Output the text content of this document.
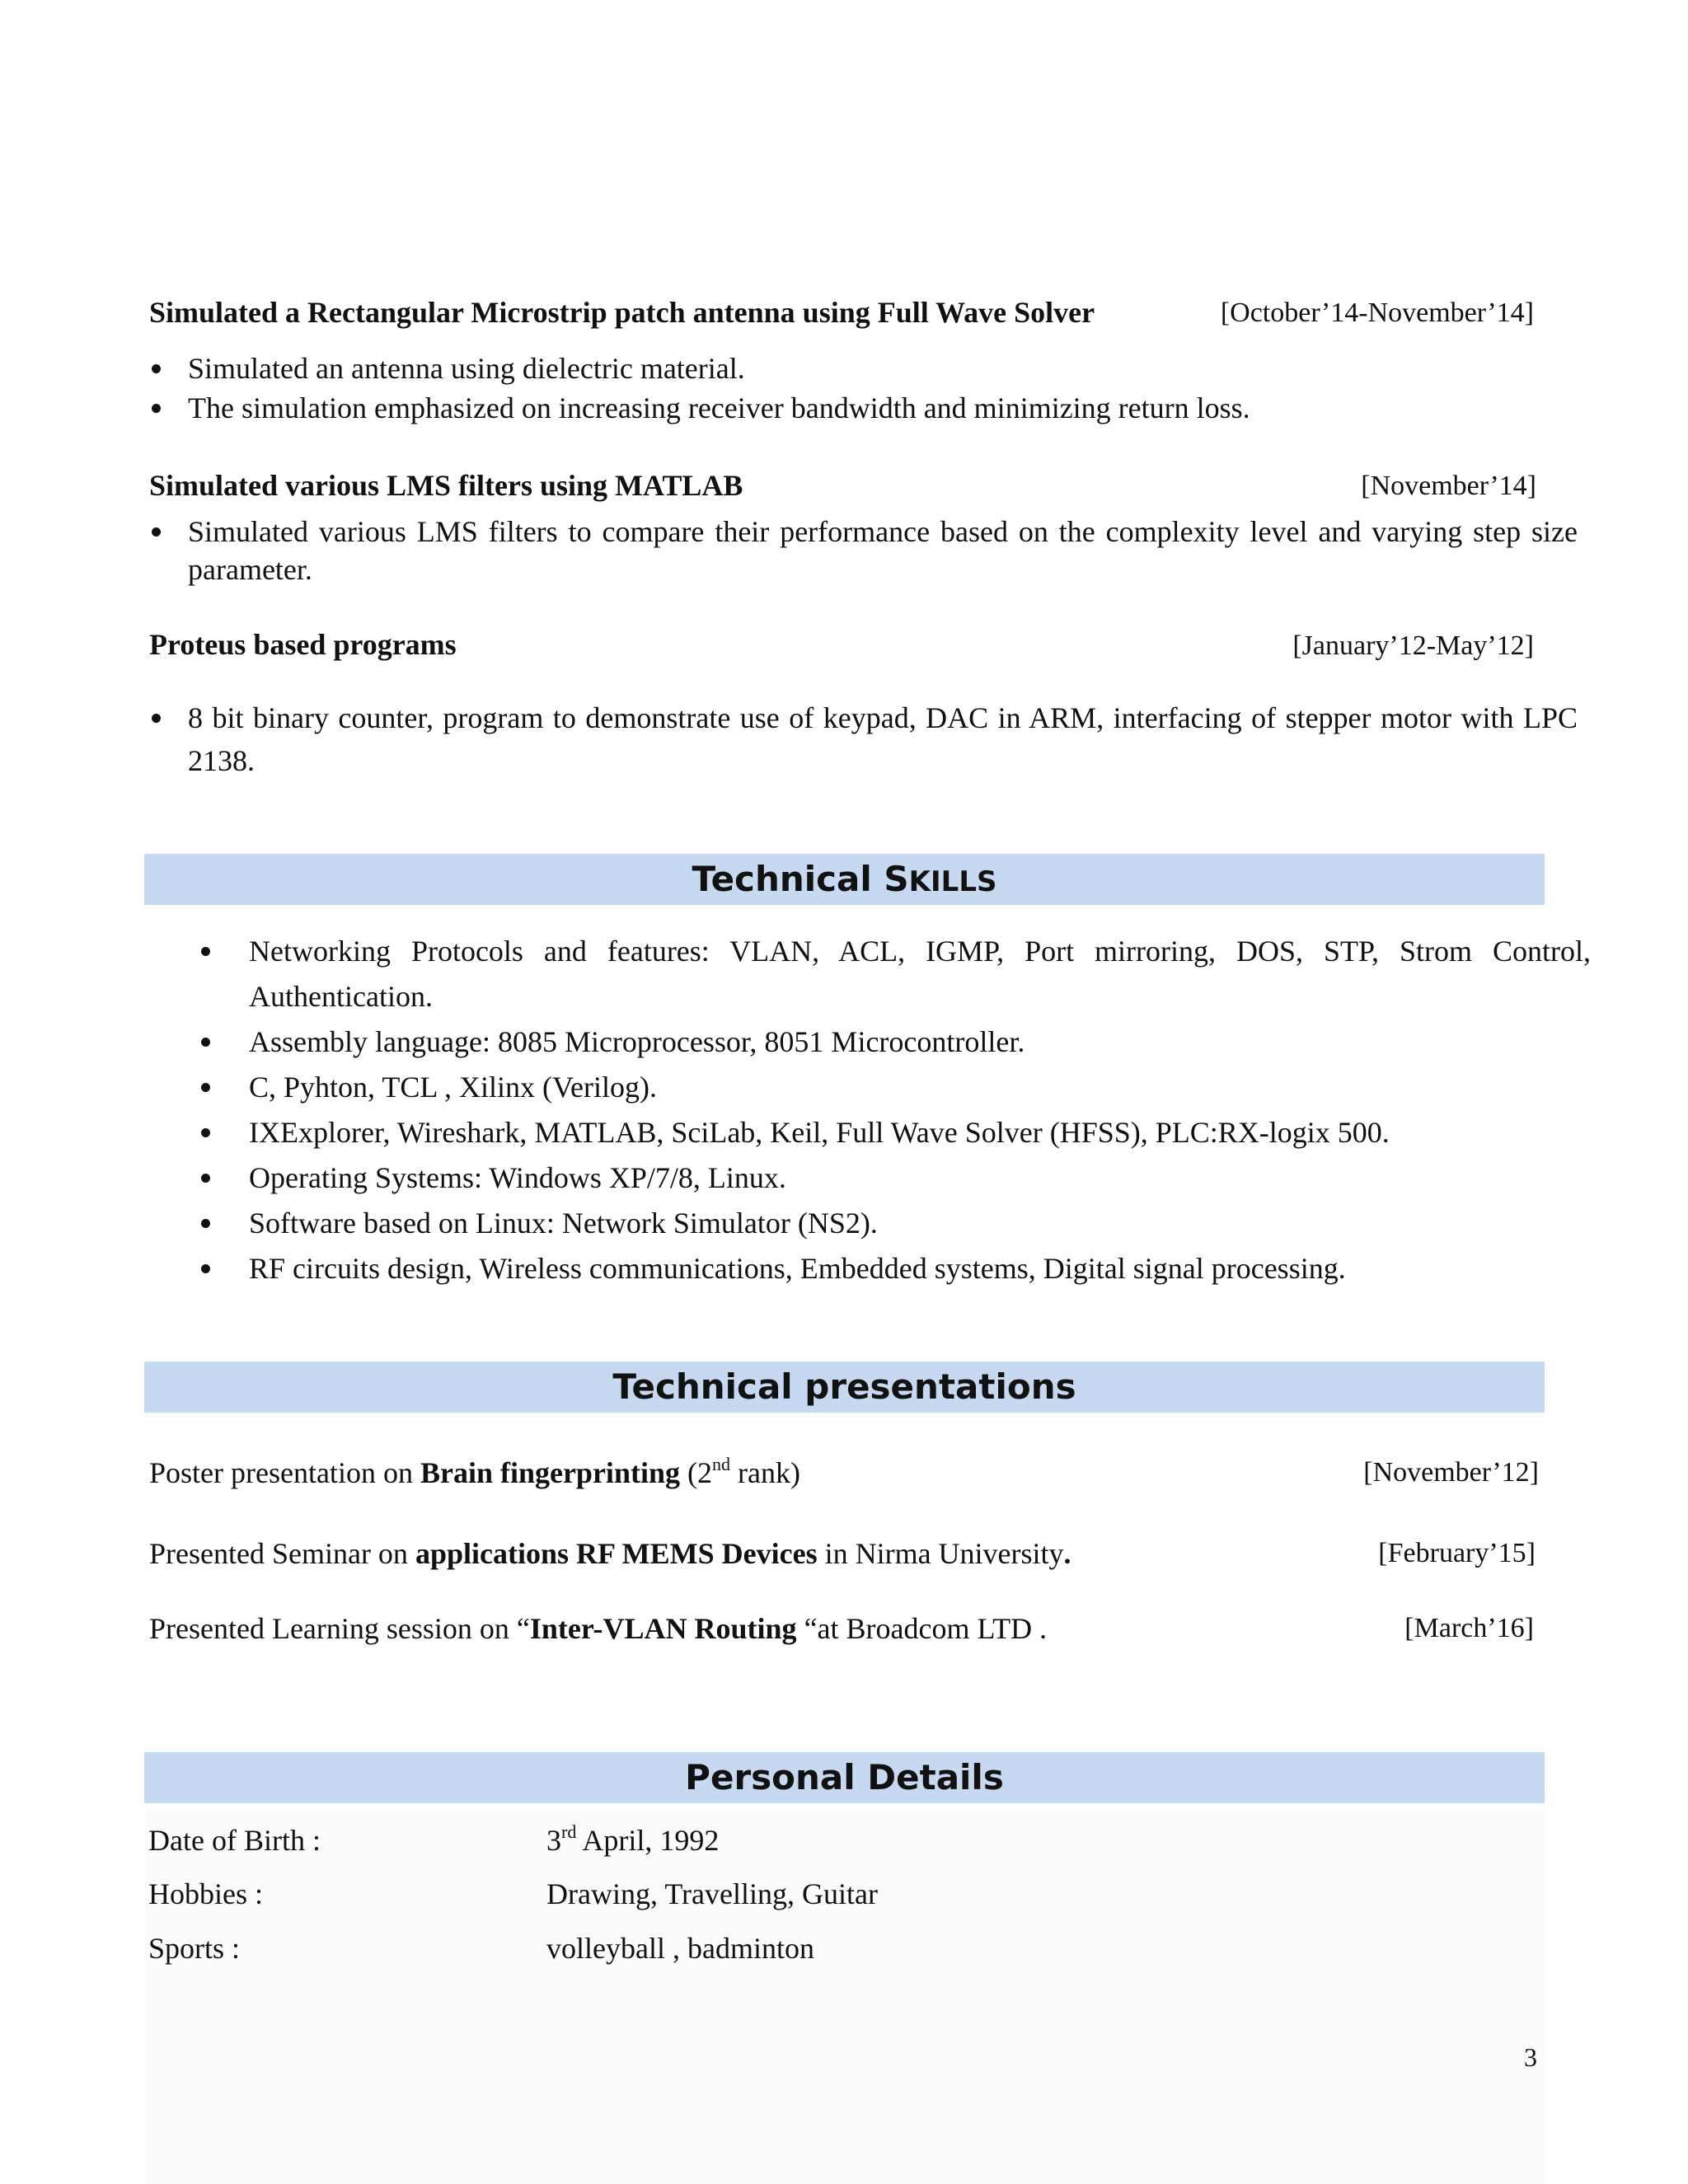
Simulated a Rectangular Microstrip patch antenna using Full Wave Solver	[October’14-November’14]
Simulated an antenna using dielectric material.
The simulation emphasized on increasing receiver bandwidth and minimizing return loss.
Simulated various LMS filters using MATLAB	[November’14]
Simulated various LMS filters to compare their performance based on the complexity level and varying step size parameter.
Proteus based programs	[January’12-May’12]
8 bit binary counter, program to demonstrate use of keypad, DAC in ARM, interfacing of stepper motor with LPC 2138.
Technical SKILLS
Networking Protocols and features: VLAN, ACL, IGMP, Port mirroring, DOS, STP, Strom Control, Authentication.
Assembly language: 8085 Microprocessor, 8051 Microcontroller.
C, Pyhton, TCL , Xilinx (Verilog).
IXExplorer, Wireshark, MATLAB, SciLab, Keil, Full Wave Solver (HFSS), PLC:RX-logix 500.
Operating Systems: Windows XP/7/8, Linux.
Software based on Linux: Network Simulator (NS2).
RF circuits design, Wireless communications, Embedded systems, Digital signal processing.
Technical presentations
Poster presentation on Brain fingerprinting (2nd rank)	[November’12]
Presented Seminar on applications RF MEMS Devices in Nirma University.	[February’15]
Presented Learning session on “Inter-VLAN Routing “at Broadcom LTD .	[March’16]
Personal Details
Date of Birth :	3rd April, 1992
Hobbies :	Drawing, Travelling, Guitar
Sports :	volleyball , badminton
3
